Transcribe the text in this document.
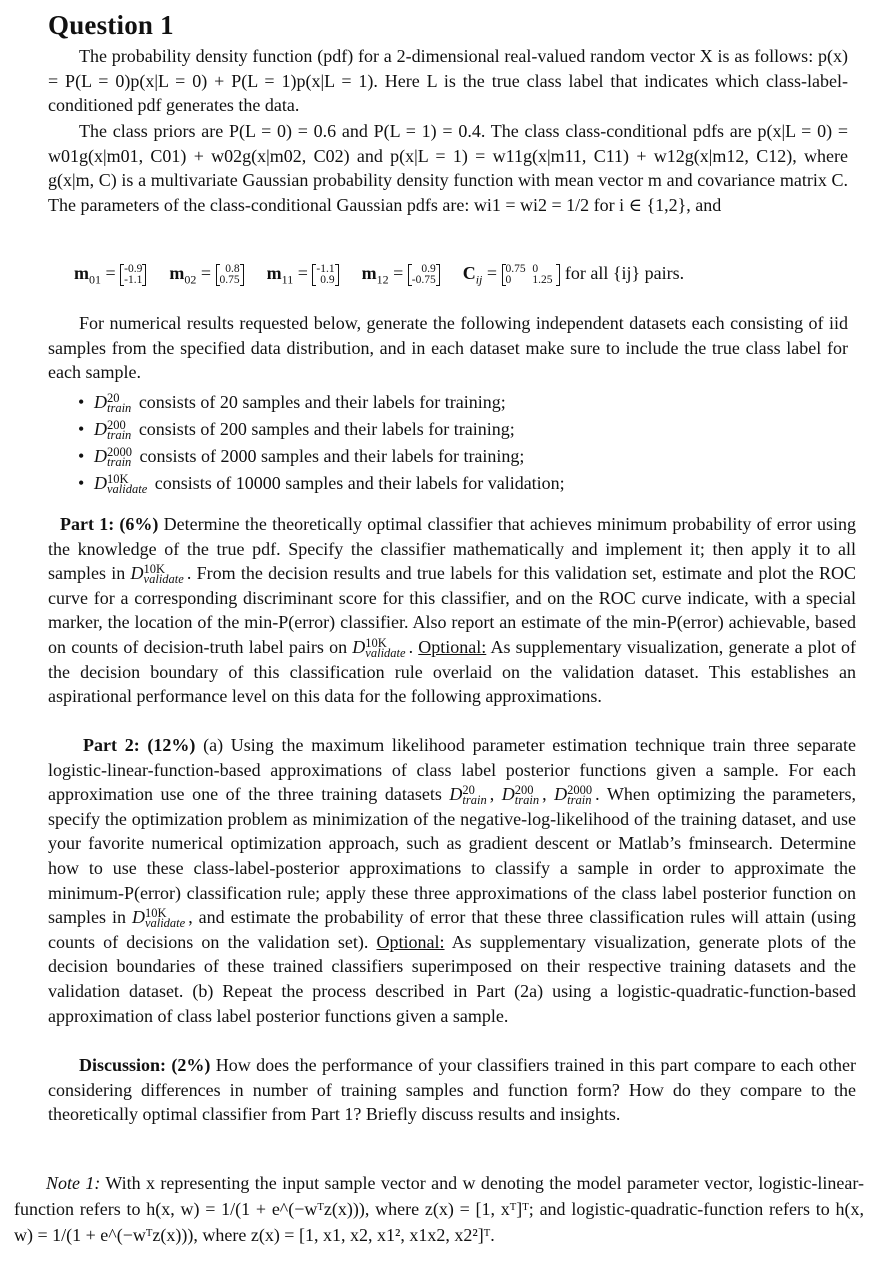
Question 1

The probability density function (pdf) for a 2-dimensional real-valued random vector X is as follows: p(x) = P(L = 0)p(x|L = 0) + P(L = 1)p(x|L = 1). Here L is the true class label that indicates which class-label-conditioned pdf generates the data.

The class priors are P(L = 0) = 0.6 and P(L = 1) = 0.4. The class class-conditional pdfs are p(x|L = 0) = w01g(x|m01, C01) + w02g(x|m02, C02) and p(x|L = 1) = w11g(x|m11, C11) + w12g(x|m12, C12), where g(x|m, C) is a multivariate Gaussian probability density function with mean vector m and covariance matrix C. The parameters of the class-conditional Gaussian pdfs are: wi1 = wi2 = 1/2 for i ∈ {1,2}, and

$m_{01} = -0.9$
-1.1 $m_{02} = 0.8$
0.75 $m_{11} = -1.1$
0.9 $m_{12} = 0.9$
-0.75 $C_{ij} = 0.75$ 0
0 1.25 for all {ij} pairs.

For numerical results requested below, generate the following independent datasets each consisting of iid samples from the specified data distribution, and in each dataset make sure to include the true class label for each sample.

• D 20
train consists of 20 samples and their labels for training;
• D 200
train consists of 200 samples and their labels for training;
• D 2000
train consists of 2000 samples and their labels for training;
• D 10K
validate consists of 10000 samples and their labels for validation;

Part 1: (6%) Determine the theoretically optimal classifier that achieves minimum probability of error using the knowledge of the true pdf. Specify the classifier mathematically and implement it; then apply it to all samples in D 10K
validate . From the decision results and true labels for this validation set, estimate and plot the ROC curve for a corresponding discriminant score for this classifier, and on the ROC curve indicate, with a special marker, the location of the min-P(error) classifier. Also report an estimate of the min-P(error) achievable, based on counts of decision-truth label pairs on D 10K
validate . Optional: As supplementary visualization, generate a plot of the decision boundary of this classification rule overlaid on the validation dataset. This establishes an aspirational performance level on this data for the following approximations.

Part 2: (12%) (a) Using the maximum likelihood parameter estimation technique train three separate logistic-linear-function-based approximations of class label posterior functions given a sample. For each approximation use one of the three training datasets D 20
train , D 200
train , D 2000
train . When optimizing the parameters, specify the optimization problem as minimization of the negative-log-likelihood of the training dataset, and use your favorite numerical optimization approach, such as gradient descent or Matlab’s fminsearch. Determine how to use these class-label-posterior approximations to classify a sample in order to approximate the minimum-P(error) classification rule; apply these three approximations of the class label posterior function on samples in D 10K
validate , and estimate the probability of error that these three classification rules will attain (using counts of decisions on the validation set). Optional: As supplementary visualization, generate plots of the decision boundaries of these trained classifiers superimposed on their respective training datasets and the validation dataset. (b) Repeat the process described in Part (2a) using a logistic-quadratic-function-based approximation of class label posterior functions given a sample.

Discussion: (2%) How does the performance of your classifiers trained in this part compare to each other considering differences in number of training samples and function form? How do they compare to the theoretically optimal classifier from Part 1? Briefly discuss results and insights.

Note 1: With x representing the input sample vector and w denoting the model parameter vector, logistic-linear-function refers to h(x, w) = 1/(1 + e^(−wᵀz(x))), where z(x) = [1, xᵀ]ᵀ; and logistic-quadratic-function refers to h(x, w) = 1/(1 + e^(−wᵀz(x))), where z(x) = [1, x1, x2, x1², x1x2, x2²]ᵀ.
